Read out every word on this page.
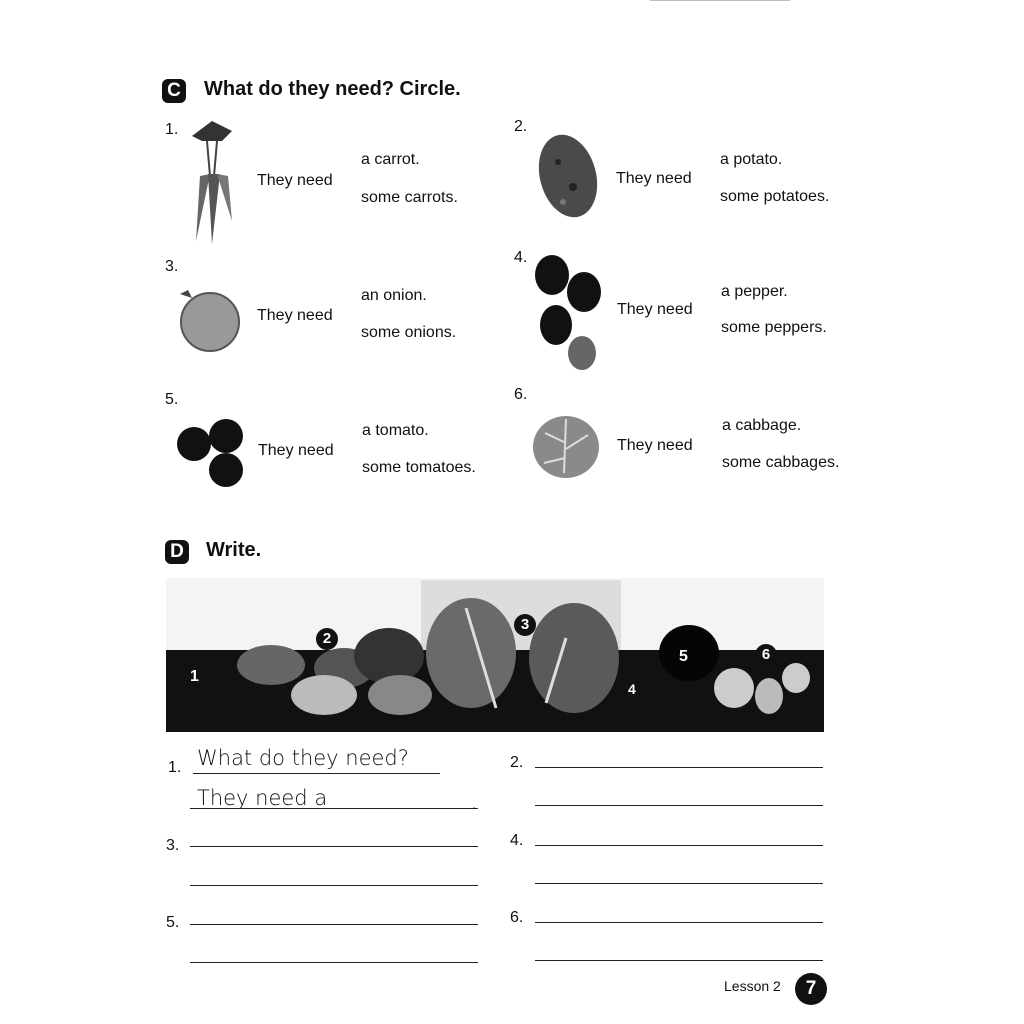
C What do they need? Circle.
1.
They need
a carrot.
some carrots.
2.
They need
a potato.
some potatoes.
3.
They need
an onion.
some onions.
4.
They need
a pepper.
some peppers.
5.
They need
a tomato.
some tomatoes.
6.
They need
a cabbage.
some cabbages.
D Write.
1
2
3
4
5	6
1. What do they need?
They need a	.
2.
3.	4.
5.	6.
Lesson 2	7
